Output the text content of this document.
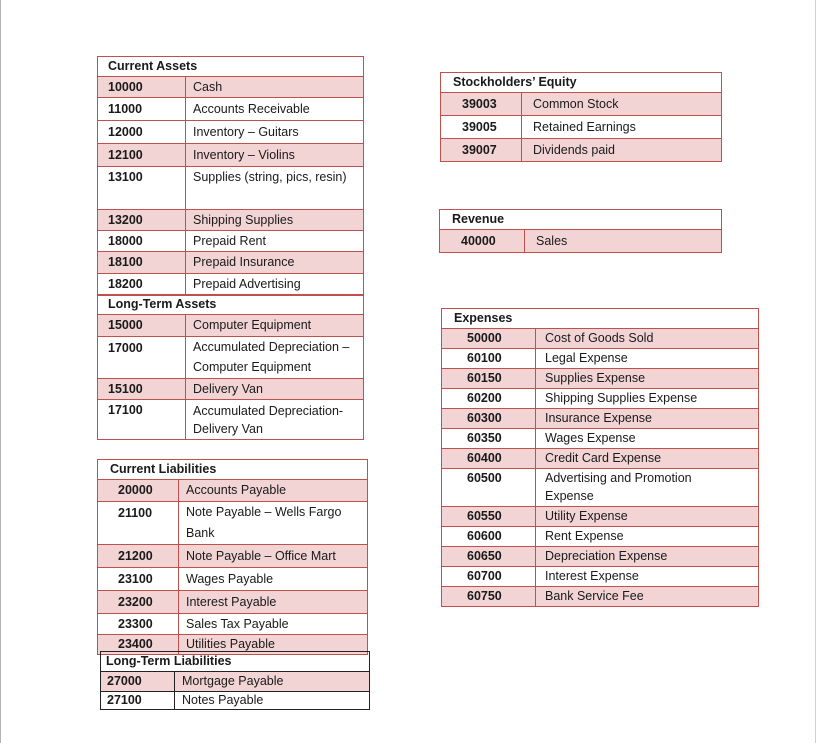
Current Assets	
10000	Cash
11000	Accounts Receivable
12000	Inventory – Guitars
12100	Inventory – Violins
13100	Supplies (string, pics, resin)
13200	Shipping Supplies
18000	Prepaid Rent
18100	Prepaid Insurance
18200	Prepaid Advertising
Long-Term Assets	
15000	Computer Equipment
17000	Accumulated Depreciation –Computer Equipment
15100	Delivery Van
17100	Accumulated Depreciation-Delivery Van
Current Liabilities	
20000	Accounts Payable
21100	Note Payable – Wells Fargo Bank
21200	Note Payable – Office Mart
23100	Wages Payable
23200	Interest Payable
23300	Sales Tax Payable
23400	Utilities Payable
Long-Term Liabilities	
27000	Mortgage Payable
27100	Notes Payable
Stockholders’ Equity	
39003	Common Stock
39005	Retained Earnings
39007	Dividends paid
Revenue
40000	Sales
Expenses	
50000	Cost of Goods Sold
60100	Legal Expense
60150	Supplies Expense
60200	Shipping Supplies Expense
60300	Insurance Expense
60350	Wages Expense
60400	Credit Card Expense
60500	Advertising and Promotion Expense
60550	Utility Expense
60600	Rent Expense
60650	Depreciation Expense
60700	Interest Expense
60750	Bank Service Fee
